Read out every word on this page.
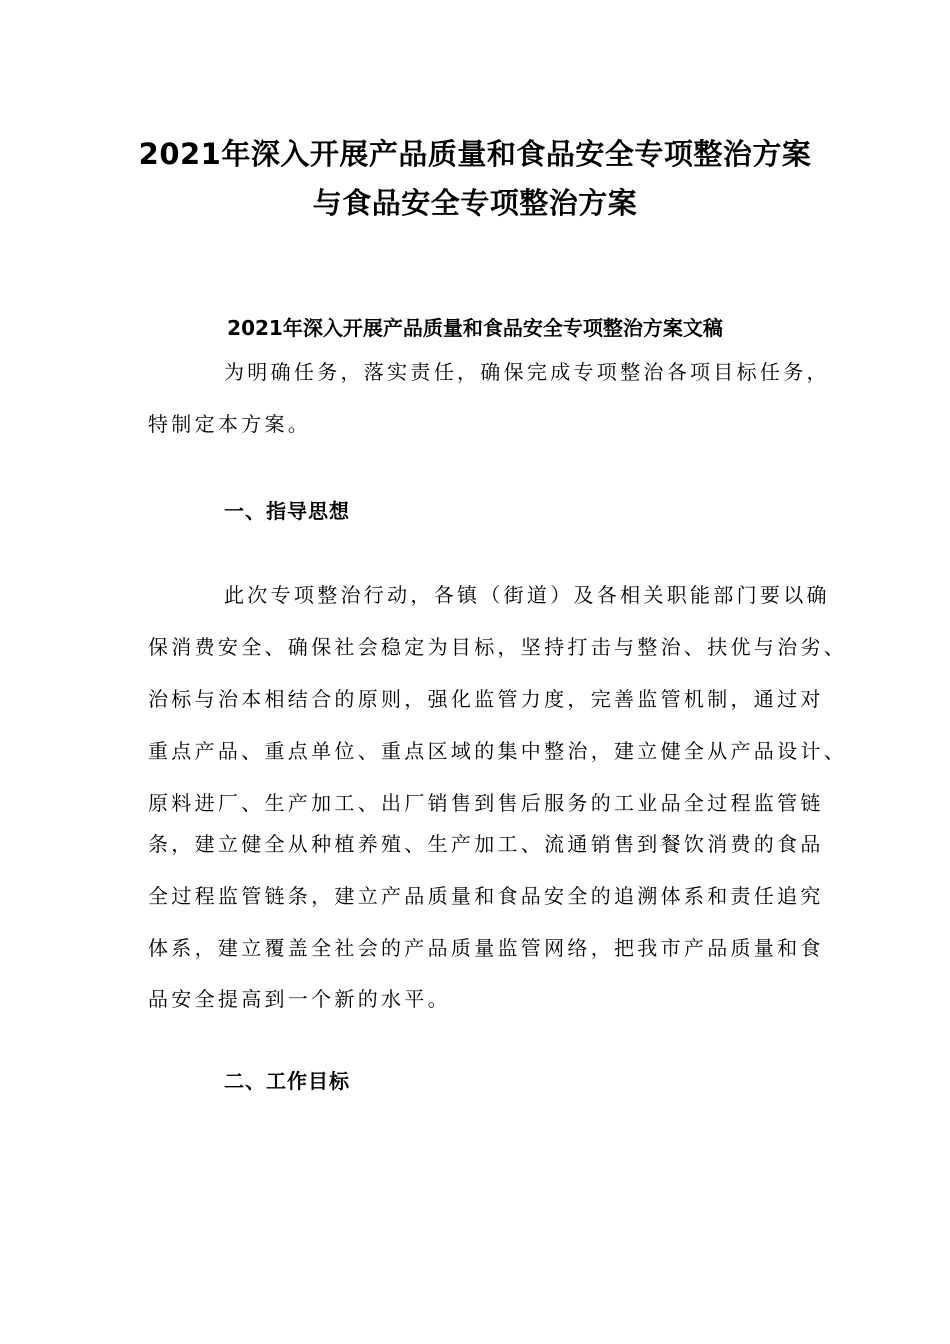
2021年深入开展产品质量和食品安全专项整治方案
与食品安全专项整治方案
2021年深入开展产品质量和食品安全专项整治方案文稿

为明确任务，落实责任，确保完成专项整治各项目标任务，

特制定本方案。

一、指导思想

此次专项整治行动，各镇（街道）及各相关职能部门要以确

保消费安全、确保社会稳定为目标，坚持打击与整治、扶优与治劣、

治标与治本相结合的原则，强化监管力度，完善监管机制，通过对

重点产品、重点单位、重点区域的集中整治，建立健全从产品设计、

原料进厂、生产加工、出厂销售到售后服务的工业品全过程监管链

条，建立健全从种植养殖、生产加工、流通销售到餐饮消费的食品

全过程监管链条，建立产品质量和食品安全的追溯体系和责任追究

体系，建立覆盖全社会的产品质量监管网络，把我市产品质量和食

品安全提高到一个新的水平。

二、工作目标
